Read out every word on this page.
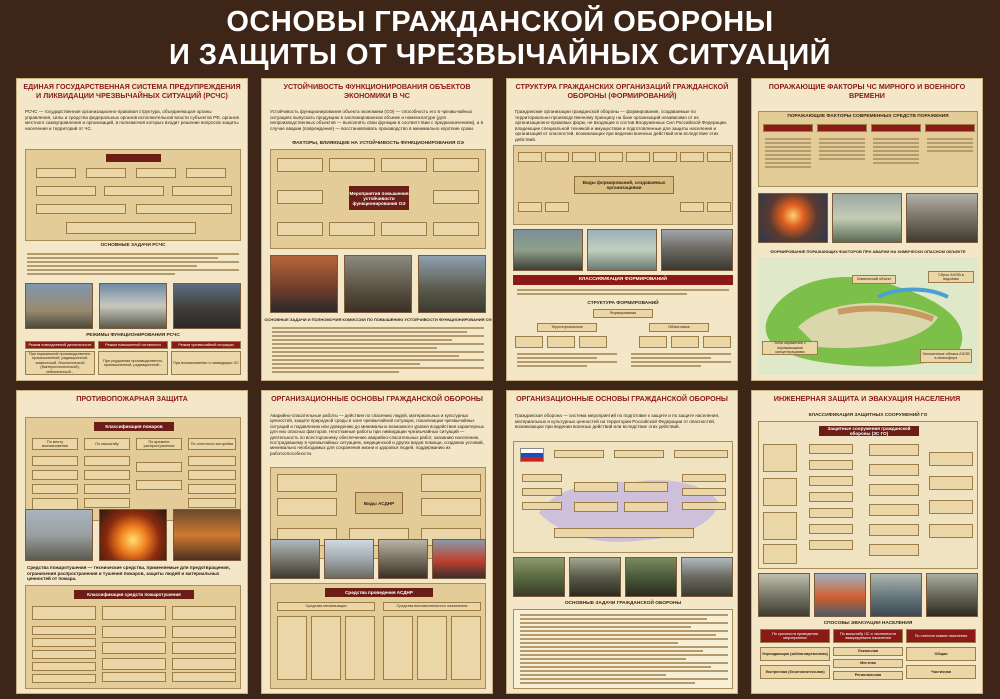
ОСНОВЫ ГРАЖДАНСКОЙ ОБОРОНЫ
И ЗАЩИТЫ ОТ ЧРЕЗВЫЧАЙНЫХ СИТУАЦИЙ
ЕДИНАЯ ГОСУДАРСТВЕННАЯ СИСТЕМА ПРЕДУПРЕЖДЕНИЯ И ЛИКВИДАЦИИ ЧРЕЗВЫЧАЙНЫХ СИТУАЦИЙ (РСЧС)
РСЧС — государственная организационно-правовая структура, объединяющая органы управления, силы и средства федеральных органов исполнительной власти субъектов РФ, органов местного самоуправления и организаций, в полномочия которых входит решение вопросов защиты населения и территорий от ЧС.
ОСНОВНЫЕ ЗАДАЧИ РСЧС
РЕЖИМЫ ФУНКЦИОНИРОВАНИЯ РСЧС
Режим повседневной деятельности	Режим повышенной готовности	Режим чрезвычайной ситуации
При нормальной производственно-промышленной, радиационной, химической, биологической (бактериологической), сейсмической...
При ухудшении производственно-промышленной, радиационной...
При возникновении и ликвидации ЧС
УСТОЙЧИВОСТЬ ФУНКЦИОНИРОВАНИЯ ОБЪЕКТОВ ЭКОНОМИКИ В ЧС
Устойчивость функционирования объекта экономики (ОЭ) — способность его в чрезвычайных ситуациях выпускать продукцию в запланированном объеме и номенклатуре (для непроизводственных объектов — выполнять свои функции в соответствии с предназначением), а в случае аварии (повреждения) — восстанавливать производство в минимально короткие сроки.
ФАКТОРЫ, ВЛИЯЮЩИЕ НА УСТОЙЧИВОСТЬ ФУНКЦИОНИРОВАНИЯ ОЭ
Мероприятия повышения устойчивости функционирования ОЭ
ОСНОВНЫЕ ЗАДАЧИ И ПОЛНОМОЧИЯ КОМИССИИ ПО ПОВЫШЕНИЮ УСТОЙЧИВОСТИ ФУНКЦИОНИРОВАНИЯ ОЭ
СТРУКТУРА ГРАЖДАНСКИХ ОРГАНИЗАЦИЙ ГРАЖДАНСКОЙ ОБОРОНЫ (ФОРМИРОВАНИЙ)
Гражданские организации гражданской обороны — формирования, создаваемые по территориально-производственному принципу на базе организаций независимо от их организационно-правовых форм, не входящие в состав Вооруженных Сил Российской Федерации, владеющие специальной техникой и имуществом и подготовленные для защиты населения и организаций от опасностей, возникающих при ведении военных действий или вследствие этих действий.
Виды формирований, создаваемых организациями
КЛАССИФИКАЦИЯ ФОРМИРОВАНИЙ
СТРУКТУРА ФОРМИРОВАНИЙ
Формирования
Территориальные	Объектовые
ПОРАЖАЮЩИЕ ФАКТОРЫ ЧС МИРНОГО И ВОЕННОГО ВРЕМЕНИ
ПОРАЖАЮЩИЕ ФАКТОРЫ СОВРЕМЕННЫХ СРЕДСТВ ПОРАЖЕНИЯ
ФОРМИРОВАНИЕ ПОРАЖАЮЩИХ ФАКТОРОВ ПРИ АВАРИИ НА ХИМИЧЕСКИ ОПАСНОМ ОБЪЕКТЕ
Химический объект
Сброс АХОВ в водоемы
Зона заражения с поражающими концентрациями	Заложенные облака АХОВ в атмосфере
ПРОТИВОПОЖАРНАЯ ЗАЩИТА
Классификация пожаров
По месту возникновения
По масштабу
По времени распространения
По плотности застройки
Средства пожаротушения — технические средства, применяемые для предотвращения, ограничения распространения и тушения пожаров, защиты людей и материальных ценностей от пожара.
Классификация средств пожаротушения
ОРГАНИЗАЦИОННЫЕ ОСНОВЫ ГРАЖДАНСКОЙ ОБОРОНЫ
Аварийно-спасательные работы — действия по спасению людей, материальных и культурных ценностей, защите природной среды в зоне чрезвычайной ситуации, локализации чрезвычайных ситуаций и подавлению или доведению до минимально возможного уровня воздействия характерных для них опасных факторов. Неотложные работы при ликвидации чрезвычайных ситуаций — деятельность по всестороннему обеспечению аварийно-спасательных работ, оказанию населению, пострадавшему в чрезвычайных ситуациях, медицинской и других видов помощи, созданию условий, минимально необходимых для сохранения жизни и здоровья людей, поддержанию их работоспособности.
Виды АСДНР
Средства проведения АСДНР
Средства механизации	Средства вспомогательного назначения
ОРГАНИЗАЦИОННЫЕ ОСНОВЫ ГРАЖДАНСКОЙ ОБОРОНЫ
Гражданская оборона — система мероприятий по подготовке к защите и по защите населения, материальных и культурных ценностей на территории Российской Федерации от опасностей, возникающих при ведении военных действий или вследствие этих действий.
ОСНОВНЫЕ ЗАДАЧИ ГРАЖДАНСКОЙ ОБОРОНЫ
ИНЖЕНЕРНАЯ ЗАЩИТА И ЭВАКУАЦИЯ НАСЕЛЕНИЯ
КЛАССИФИКАЦИЯ ЗАЩИТНЫХ СООРУЖЕНИЙ ГО
Защитные сооружения гражданской обороны (ЗС ГО)
СПОСОБЫ ЭВАКУАЦИИ НАСЕЛЕНИЯ
По срочности проведения мероприятия
По масштабу ЧС и численности эвакуируемого населения
По степени охвата населения
Упреждающая (заблаговременная)
Экстренная (безотлагательная)
Локальная
Местная
Региональная
Общая
Частичная
